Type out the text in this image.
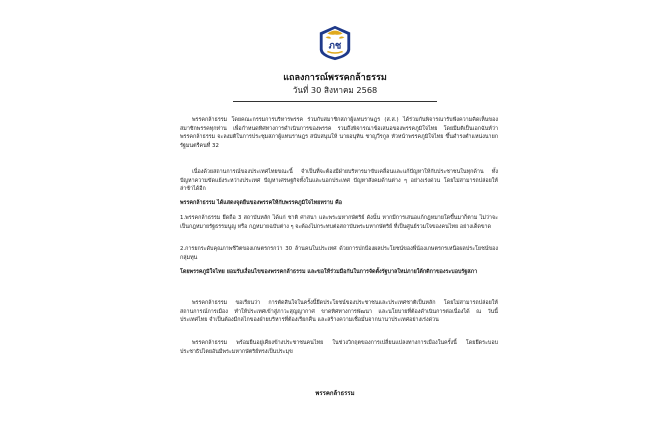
ภช
แถลงการณ์พรรคกล้าธรรม
วันที่ 30 สิงหาคม 2568

พรรคกล้าธรรม โดยคณะกรรมการบริหารพรรค ร่วมกับสมาชิกสภาผู้แทนราษฎร (ส.ส.) ได้ร่วมกันพิจารณารับฟังความคิดเห็นของสมาชิกพรรคทุกท่าน เพื่อกำหนดทิศทางการดำเนินการของพรรค รวมถึงพิจารณาข้อเสนอของพรรคภูมิใจไทย โดยมีมติเป็นเอกฉันท์ว่า พรรคกล้าธรรม จะลงมติในการประชุมสภาผู้แทนราษฎร สนับสนุนให้ นายอนุทิน ชาญวีรกูล หัวหน้าพรรคภูมิใจไทย ขึ้นดำรงตำแหน่งนายกรัฐมนตรีคนที่ 32

เนื่องด้วยสถานการณ์ของประเทศไทยขณะนี้ จำเป็นที่จะต้องมีฝ่ายบริหารมาขับเคลื่อนและแก้ปัญหาให้กับประชาชนในทุกด้าน ทั้ง ปัญหาความขัดแย้งระหว่างประเทศ ปัญหาเศรษฐกิจทั้งในและนอกประเทศ ปัญหาสังคมด้านต่าง ๆ อย่างเร่งด่วน โดยไม่สามารถปล่อยให้ล่าช้าได้อีก

พรรคกล้าธรรม ได้แสดงจุดยืนของพรรคให้กับพรรคภูมิใจไทยทราบ คือ

1.พรรคกล้าธรรม ยึดถือ 3 สถาบันหลัก ได้แก่ ชาติ ศาสนา และพระมหากษัตริย์ ดังนั้น หากมีการเสนอแก้กฎหมายใดขึ้นมาก็ตาม ไม่ว่าจะเป็นกฎหมายรัฐธรรมนูญ หรือ กฎหมายฉบับต่าง ๆ จะต้องไม่กระทบต่อสถาบันพระมหากษัตริย์ ที่เป็นศูนย์รวมใจของคนไทย อย่างเด็ดขาด

2.การยกระดับคุณภาพชีวิตของเกษตรกรกว่า 30 ล้านคนในประเทศ ด้วยการปกป้องผลประโยชน์ของพี่น้องเกษตรกรเหนือผลประโยชน์ของกลุ่มทุน

โดยพรรคภูมิใจไทย ยอมรับเงื่อนไขของพรรคกล้าธรรม และขอให้ร่วมมือกันในการจัดตั้งรัฐบาลใหม่ภายใต้กติกาของระบอบรัฐสภา

พรรคกล้าธรรม ขอเรียนว่า การตัดสินใจในครั้งนี้ยึดประโยชน์ของประชาชนและประเทศชาติเป็นหลัก โดยไม่สามารถปล่อยให้สถานการณ์การเมือง ทำให้ประเทศเข้าสู่ภาวะสุญญากาศ ขาดทิศทางการพัฒนา และนโยบายที่ต้องดำเนินการต่อเนื่องได้ ณ วันนี้ประเทศไทย จำเป็นต้องมีกลไกของฝ่ายบริหารที่ต้องเรียกคืน และสร้างความเชื่อมั่นจากนานาประเทศอย่างเร่งด่วน

พรรคกล้าธรรม พร้อมยืนอยู่เคียงข้างประชาชนคนไทย ในช่วงวิกฤตของการเปลี่ยนแปลงทางการเมืองในครั้งนี้ โดยยึดระบอบประชาธิปไตยอันมีพระมหากษัตริย์ทรงเป็นประมุข

พรรคกล้าธรรม
